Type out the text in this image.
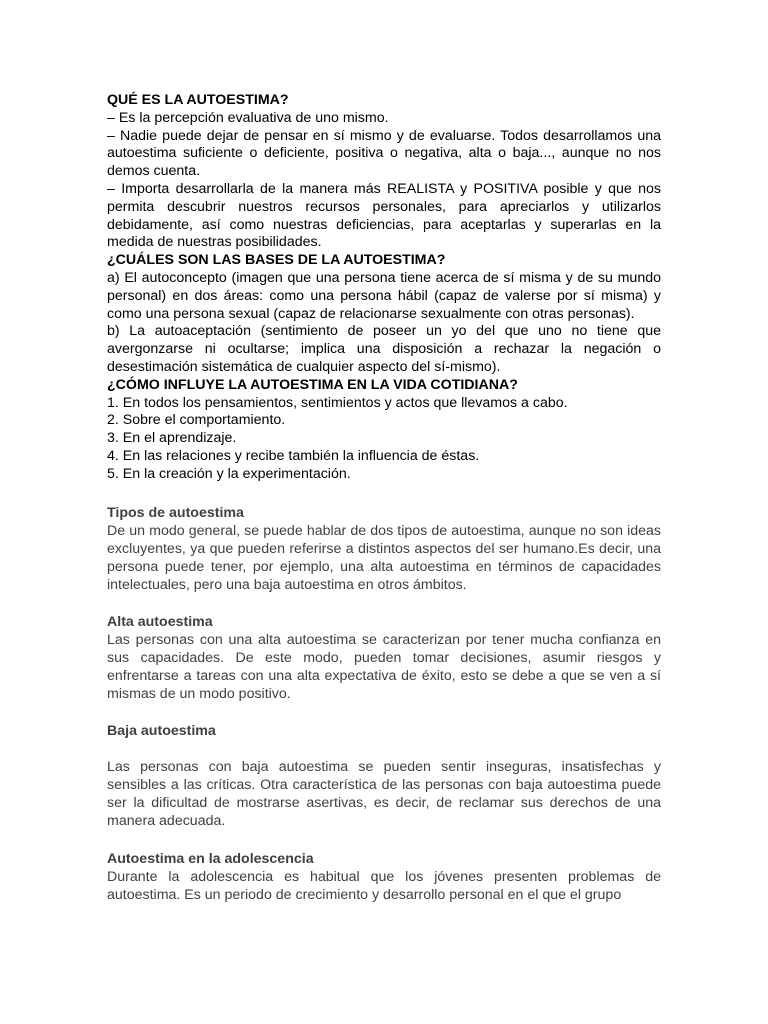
QUÉ ES LA AUTOESTIMA?
– Es la percepción evaluativa de uno mismo.
– Nadie puede dejar de pensar en sí mismo y de evaluarse. Todos desarrollamos una autoestima suficiente o deficiente, positiva o negativa, alta o baja..., aunque no nos demos cuenta.
– Importa desarrollarla de la manera más REALISTA y POSITIVA posible y que nos permita descubrir nuestros recursos personales, para apreciarlos y utilizarlos debidamente, así como nuestras deficiencias, para aceptarlas y superarlas en la medida de nuestras posibilidades.
¿CUÁLES SON LAS BASES DE LA AUTOESTIMA?
a) El autoconcepto (imagen que una persona tiene acerca de sí misma y de su mundo personal) en dos áreas: como una persona hábil (capaz de valerse por sí misma) y como una persona sexual (capaz de relacionarse sexualmente con otras personas).
b) La autoaceptación (sentimiento de poseer un yo del que uno no tiene que avergonzarse ni ocultarse; implica una disposición a rechazar la negación o desestimación sistemática de cualquier aspecto del sí-mismo).
¿CÓMO INFLUYE LA AUTOESTIMA EN LA VIDA COTIDIANA?
1. En todos los pensamientos, sentimientos y actos que llevamos a cabo.
2. Sobre el comportamiento.
3. En el aprendizaje.
4. En las relaciones y recibe también la influencia de éstas.
5. En la creación y la experimentación.
Tipos de autoestima
De un modo general, se puede hablar de dos tipos de autoestima, aunque no son ideas excluyentes, ya que pueden referirse a distintos aspectos del ser humano.Es decir, una persona puede tener, por ejemplo, una alta autoestima en términos de capacidades intelectuales, pero una baja autoestima en otros ámbitos.
Alta autoestima
Las personas con una alta autoestima se caracterizan por tener mucha confianza en sus capacidades. De este modo, pueden tomar decisiones, asumir riesgos y enfrentarse a tareas con una alta expectativa de éxito, esto se debe a que se ven a sí mismas de un modo positivo.
Baja autoestima
Las personas con baja autoestima se pueden sentir inseguras, insatisfechas y sensibles a las críticas. Otra característica de las personas con baja autoestima puede ser la dificultad de mostrarse asertivas, es decir, de reclamar sus derechos de una manera adecuada.
Autoestima en la adolescencia
Durante la adolescencia es habitual que los jóvenes presenten problemas de autoestima. Es un periodo de crecimiento y desarrollo personal en el que el grupo
